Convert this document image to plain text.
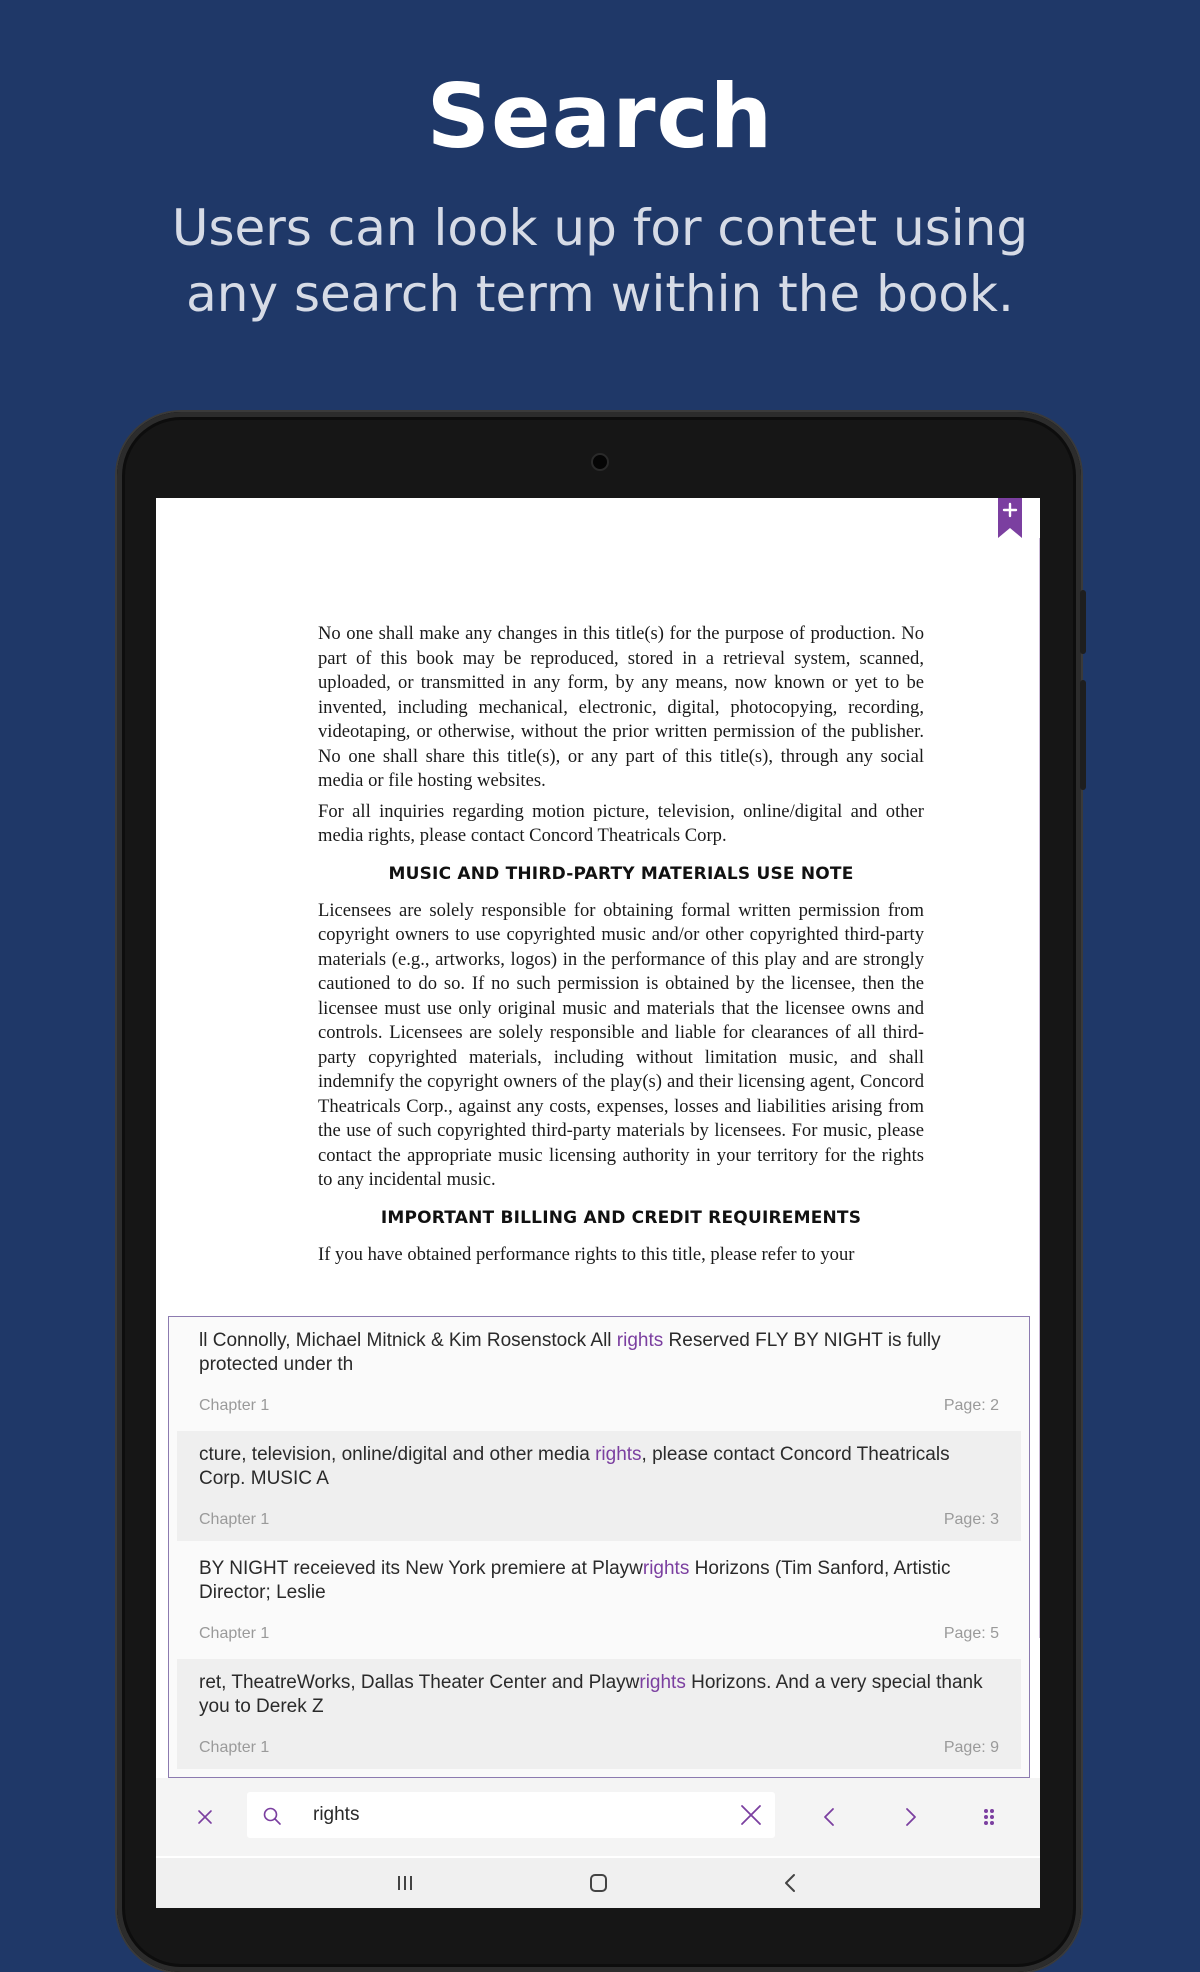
Search
Users can look up for contet using any search term within the book.

No one shall make any changes in this title(s) for the purpose of production. No part of this book may be reproduced, stored in a retrieval system, scanned, uploaded, or transmitted in any form, by any means, now known or yet to be invented, including mechanical, electronic, digital, photocopying, recording, videotaping, or otherwise, without the prior written permission of the publisher. No one shall share this title(s), or any part of this title(s), through any social media or file hosting websites.

For all inquiries regarding motion picture, television, online/digital and other media rights, please contact Concord Theatricals Corp.

MUSIC AND THIRD-PARTY MATERIALS USE NOTE

Licensees are solely responsible for obtaining formal written permission from copyright owners to use copyrighted music and/or other copyrighted third-party materials (e.g., artworks, logos) in the performance of this play and are strongly cautioned to do so. If no such permission is obtained by the licensee, then the licensee must use only original music and materials that the licensee owns and controls. Licensees are solely responsible and liable for clearances of all third-party copyrighted materials, including without limitation music, and shall indemnify the copyright owners of the play(s) and their licensing agent, Concord Theatricals Corp., against any costs, expenses, losses and liabilities arising from the use of such copyrighted third-party materials by licensees. For music, please contact the appropriate music licensing authority in your territory for the rights to any incidental music.

IMPORTANT BILLING AND CREDIT REQUIREMENTS

If you have obtained performance rights to this title, please refer to your

ll Connolly, Michael Mitnick & Kim Rosenstock All rights Reserved FLY BY NIGHT is fully protected under th
Chapter 1	Page: 2
cture, television, online/digital and other media rights, please contact Concord Theatricals Corp. MUSIC A
Chapter 1	Page: 3
BY NIGHT receieved its New York premiere at Playwrights Horizons (Tim Sanford, Artistic Director; Leslie
Chapter 1	Page: 5
ret, TheatreWorks, Dallas Theater Center and Playwrights Horizons. And a very special thank you to Derek Z
Chapter 1	Page: 9
rights
